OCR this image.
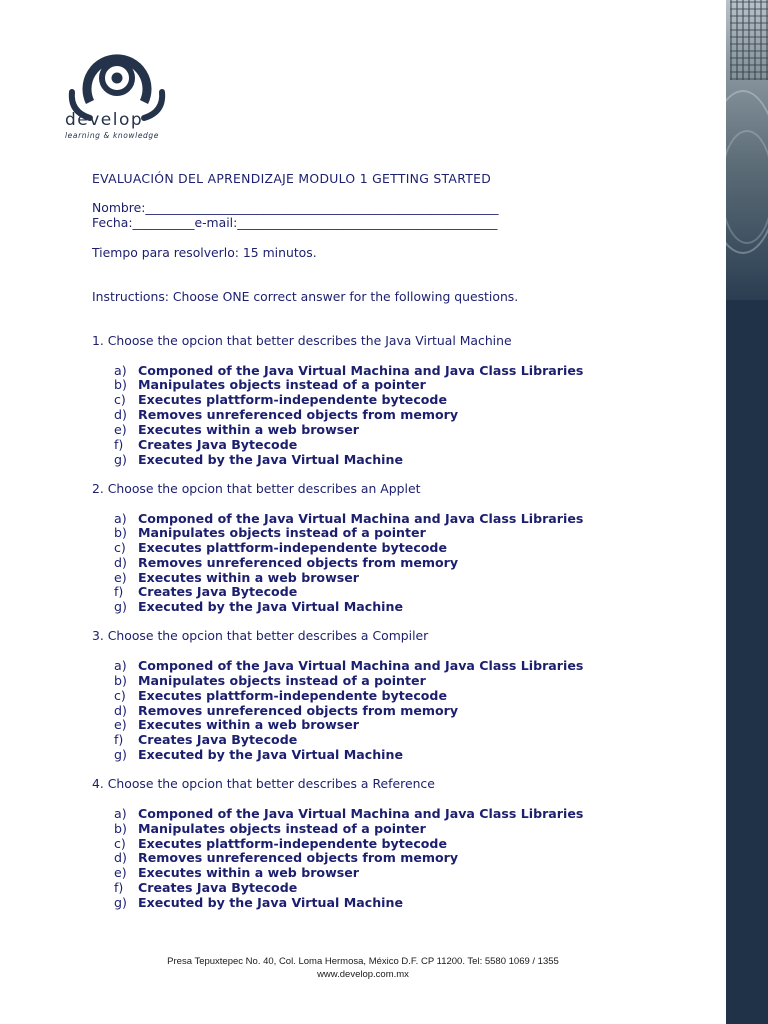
develop
learning & knowledge
EVALUACIÓN DEL APRENDIZAJE MODULO 1 GETTING STARTED
Nombre:_________________________________________________________
Fecha:__________e-mail:__________________________________________
Tiempo para resolverlo: 15 minutos.
Instructions: Choose ONE correct answer for the following questions.
1. Choose the opcion that better describes the Java Virtual Machine
a) Componed of the Java Virtual Machina and Java Class Libraries
b) Manipulates objects instead of a pointer
c) Executes plattform-independente bytecode
d) Removes unreferenced objects from memory
e) Executes within a web browser
f) Creates Java Bytecode
g) Executed by the Java Virtual Machine
2. Choose the opcion that better describes an Applet
a) Componed of the Java Virtual Machina and Java Class Libraries
b) Manipulates objects instead of a pointer
c) Executes plattform-independente bytecode
d) Removes unreferenced objects from memory
e) Executes within a web browser
f) Creates Java Bytecode
g) Executed by the Java Virtual Machine
3. Choose the opcion that better describes a Compiler
a) Componed of the Java Virtual Machina and Java Class Libraries
b) Manipulates objects instead of a pointer
c) Executes plattform-independente bytecode
d) Removes unreferenced objects from memory
e) Executes within a web browser
f) Creates Java Bytecode
g) Executed by the Java Virtual Machine
4. Choose the opcion that better describes a Reference
a) Componed of the Java Virtual Machina and Java Class Libraries
b) Manipulates objects instead of a pointer
c) Executes plattform-independente bytecode
d) Removes unreferenced objects from memory
e) Executes within a web browser
f) Creates Java Bytecode
g) Executed by the Java Virtual Machine
Presa Tepuxtepec No. 40, Col. Loma Hermosa, México D.F. CP 11200. Tel: 5580 1069 / 1355
www.develop.com.mx
